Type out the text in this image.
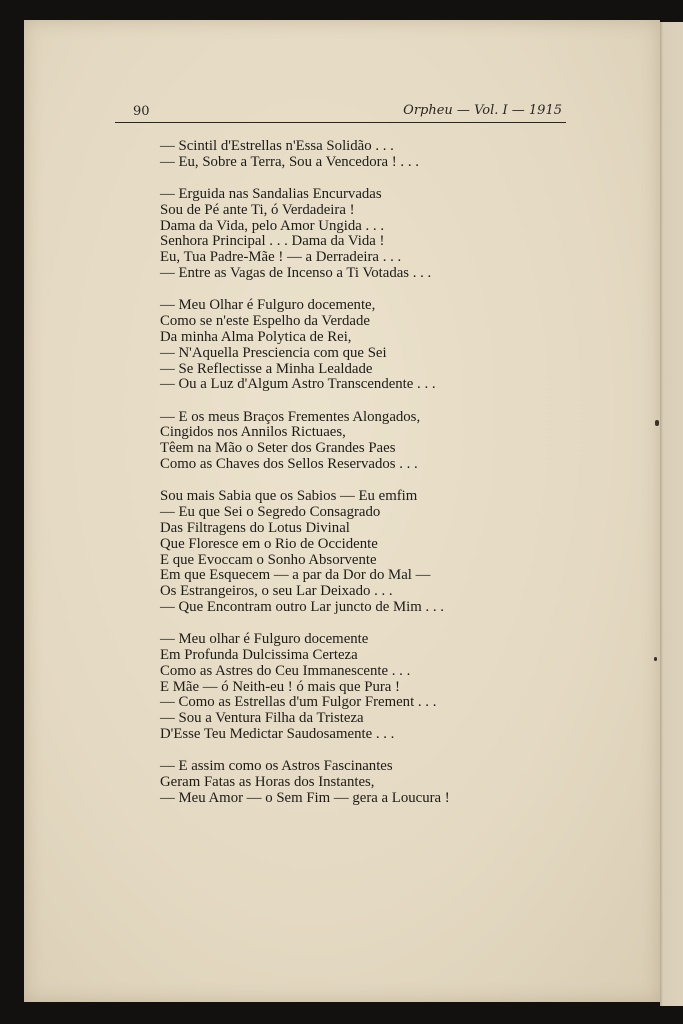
90	Orpheu — Vol. I — 1915
— Scintil d'Estrellas n'Essa Solidão . . .
— Eu, Sobre a Terra, Sou a Vencedora ! . . .
— Erguida nas Sandalias Encurvadas
Sou de Pé ante Ti, ó Verdadeira !
Dama da Vida, pelo Amor Ungida . . .
Senhora Principal . . . Dama da Vida !
Eu, Tua Padre-Mãe ! — a Derradeira . . .
— Entre as Vagas de Incenso a Ti Votadas . . .
— Meu Olhar é Fulguro docemente,
Como se n'este Espelho da Verdade
Da minha Alma Polytica de Rei,
— N'Aquella Presciencia com que Sei
— Se Reflectisse a Minha Lealdade
— Ou a Luz d'Algum Astro Transcendente . . .
— E os meus Braços Frementes Alongados,
Cingidos nos Annilos Rictuaes,
Têem na Mão o Seter dos Grandes Paes
Como as Chaves dos Sellos Reservados . . .
Sou mais Sabia que os Sabios — Eu emfim
— Eu que Sei o Segredo Consagrado
Das Filtragens do Lotus Divinal
Que Floresce em o Rio de Occidente
E que Evoccam o Sonho Absorvente
Em que Esquecem — a par da Dor do Mal —
Os Estrangeiros, o seu Lar Deixado . . .
— Que Encontram outro Lar juncto de Mim . . .
— Meu olhar é Fulguro docemente
Em Profunda Dulcissima Certeza
Como as Astres do Ceu Immanescente . . .
E Mãe — ó Neith-eu ! ó mais que Pura !
— Como as Estrellas d'um Fulgor Frement . . .
— Sou a Ventura Filha da Tristeza
D'Esse Teu Medictar Saudosamente . . .
— E assim como os Astros Fascinantes
Geram Fatas as Horas dos Instantes,
— Meu Amor — o Sem Fim — gera a Loucura !
